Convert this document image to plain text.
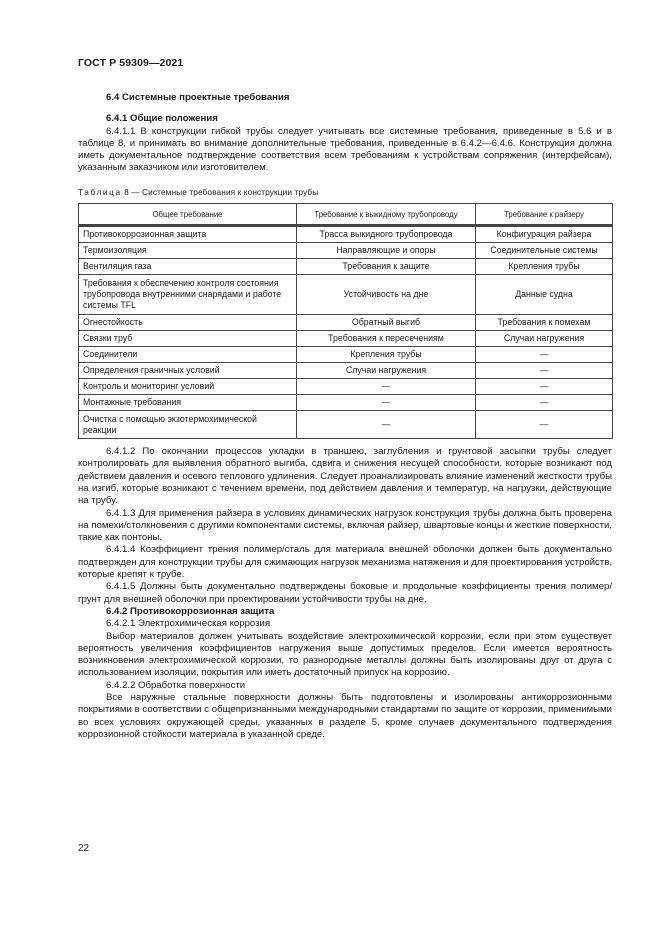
ГОСТ Р 59309—2021
6.4 Системные проектные требования
6.4.1 Общие положения

6.4.1.1 В конструкции гибкой трубы следует учитывать все системные требования, приведенные в 5.6 и в таблице 8, и принимать во внимание дополнительные требования, приведенные в 6.4.2—6.4.6. Конструкция должна иметь документальное подтверждение соответствия всем требованиям к устройствам сопряжения (интерфейсам), указанным заказчиком или изготовителем.

Таблица 8 — Системные требования к конструкции трубы
Общее требование	Требование к выкидному трубопроводу	Требование к райзеру

Противокоррозионная защита	Трасса выкидного трубопровода	Конфигурация райзера
Термоизоляция	Направляющие и опоры	Соединительные системы
Вентиляция газа	Требования к защите	Крепления трубы
Требования к обеспечению контроля состояния трубопровода внутренними снарядами и работе системы TFL	Устойчивость на дне	Данные судна
Огнестойкость	Обратный выгиб	Требования к помехам
Связки труб	Требования к пересечениям	Случаи нагружения
Соединители	Крепления трубы	—
Определения граничных условий	Случаи нагружения	—
Контроль и мониторинг условий	—	—
Монтажные требования	—	—
Очистка с помощью экзотермохимической реакции	—	—

6.4.1.2 По окончании процессов укладки в траншею, заглубления и грунтовой засыпки трубы следует контролировать для выявления обратного выгиба, сдвига и снижения несущей способности, которые возникают под действием давления и осевого теплового удлинения. Следует проанализировать влияние изменений жесткости трубы на изгиб, которые возникают с течением времени, под действием давления и температур, на нагрузки, действующие на трубу.

6.4.1.3 Для применения райзера в условиях динамических нагрузок конструкция трубы должна быть проверена на помехи/столкновения с другими компонентами системы, включая райзер, швартовые концы и жесткие поверхности, такие как понтоны.

6.4.1.4 Коэффициент трения полимер/сталь для материала внешней оболочки должен быть документально подтвержден для конструкции трубы для сжимающих нагрузок механизма натяжения и для проектирования устройств, которые крепят к трубе.

6.4.1.5 Должны быть документально подтверждены боковые и продольные коэффициенты трения полимер/грунт для внешней оболочки при проектировании устойчивости трубы на дне.

6.4.2 Противокоррозионная защита

6.4.2.1 Электрохимическая коррозия

Выбор материалов должен учитывать воздействие электрохимической коррозии, если при этом существует вероятность увеличения коэффициентов нагружения выше допустимых пределов. Если имеется вероятность возникновения электрохимической коррозии, то разнородные металлы должны быть изолированы друг от друга с использованием изоляции, покрытия или иметь достаточный припуск на коррозию.

6.4.2.2 Обработка поверхности

Все наружные стальные поверхности должны быть подготовлены и изолированы антикоррозионными покрытиями в соответствии с общепризнанными международными стандартами по защите от коррозии, применимыми во всех условиях окружающей среды, указанных в разделе 5, кроме случаев документального подтверждения коррозионной стойкости материала в указанной среде.

22
